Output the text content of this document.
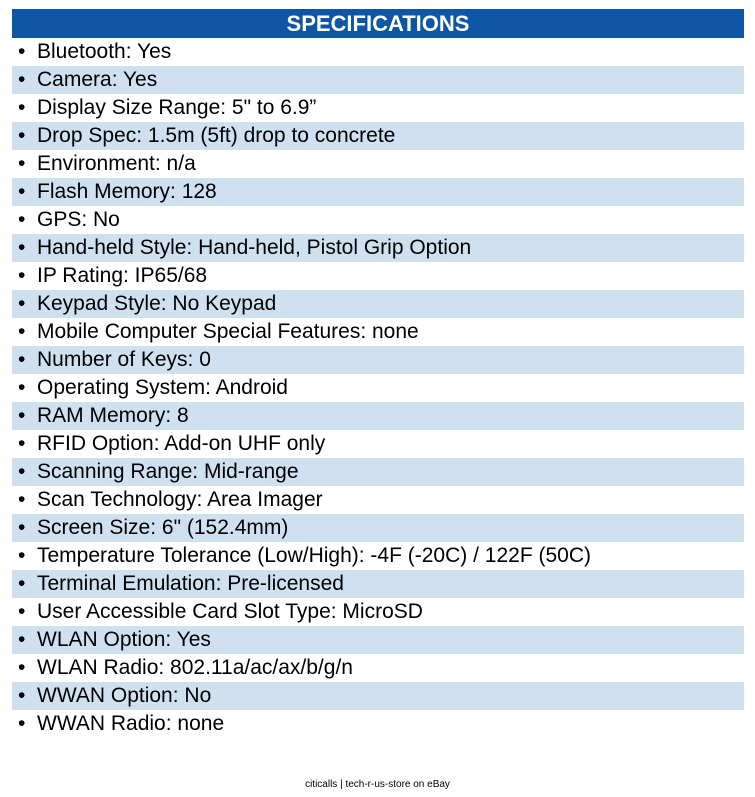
SPECIFICATIONS
• Bluetooth: Yes
• Camera: Yes
• Display Size Range: 5" to 6.9”
• Drop Spec: 1.5m (5ft) drop to concrete
• Environment: n/a
• Flash Memory: 128
• GPS: No
• Hand-held Style: Hand-held, Pistol Grip Option
• IP Rating: IP65/68
• Keypad Style: No Keypad
• Mobile Computer Special Features: none
• Number of Keys: 0
• Operating System: Android
• RAM Memory: 8
• RFID Option: Add-on UHF only
• Scanning Range: Mid-range
• Scan Technology: Area Imager
• Screen Size: 6" (152.4mm)
• Temperature Tolerance (Low/High): -4F (-20C) / 122F (50C)
• Terminal Emulation: Pre-licensed
• User Accessible Card Slot Type: MicroSD
• WLAN Option: Yes
• WLAN Radio: 802.11a/ac/ax/b/g/n
• WWAN Option: No
• WWAN Radio: none
citicalls | tech-r-us-store on eBay
